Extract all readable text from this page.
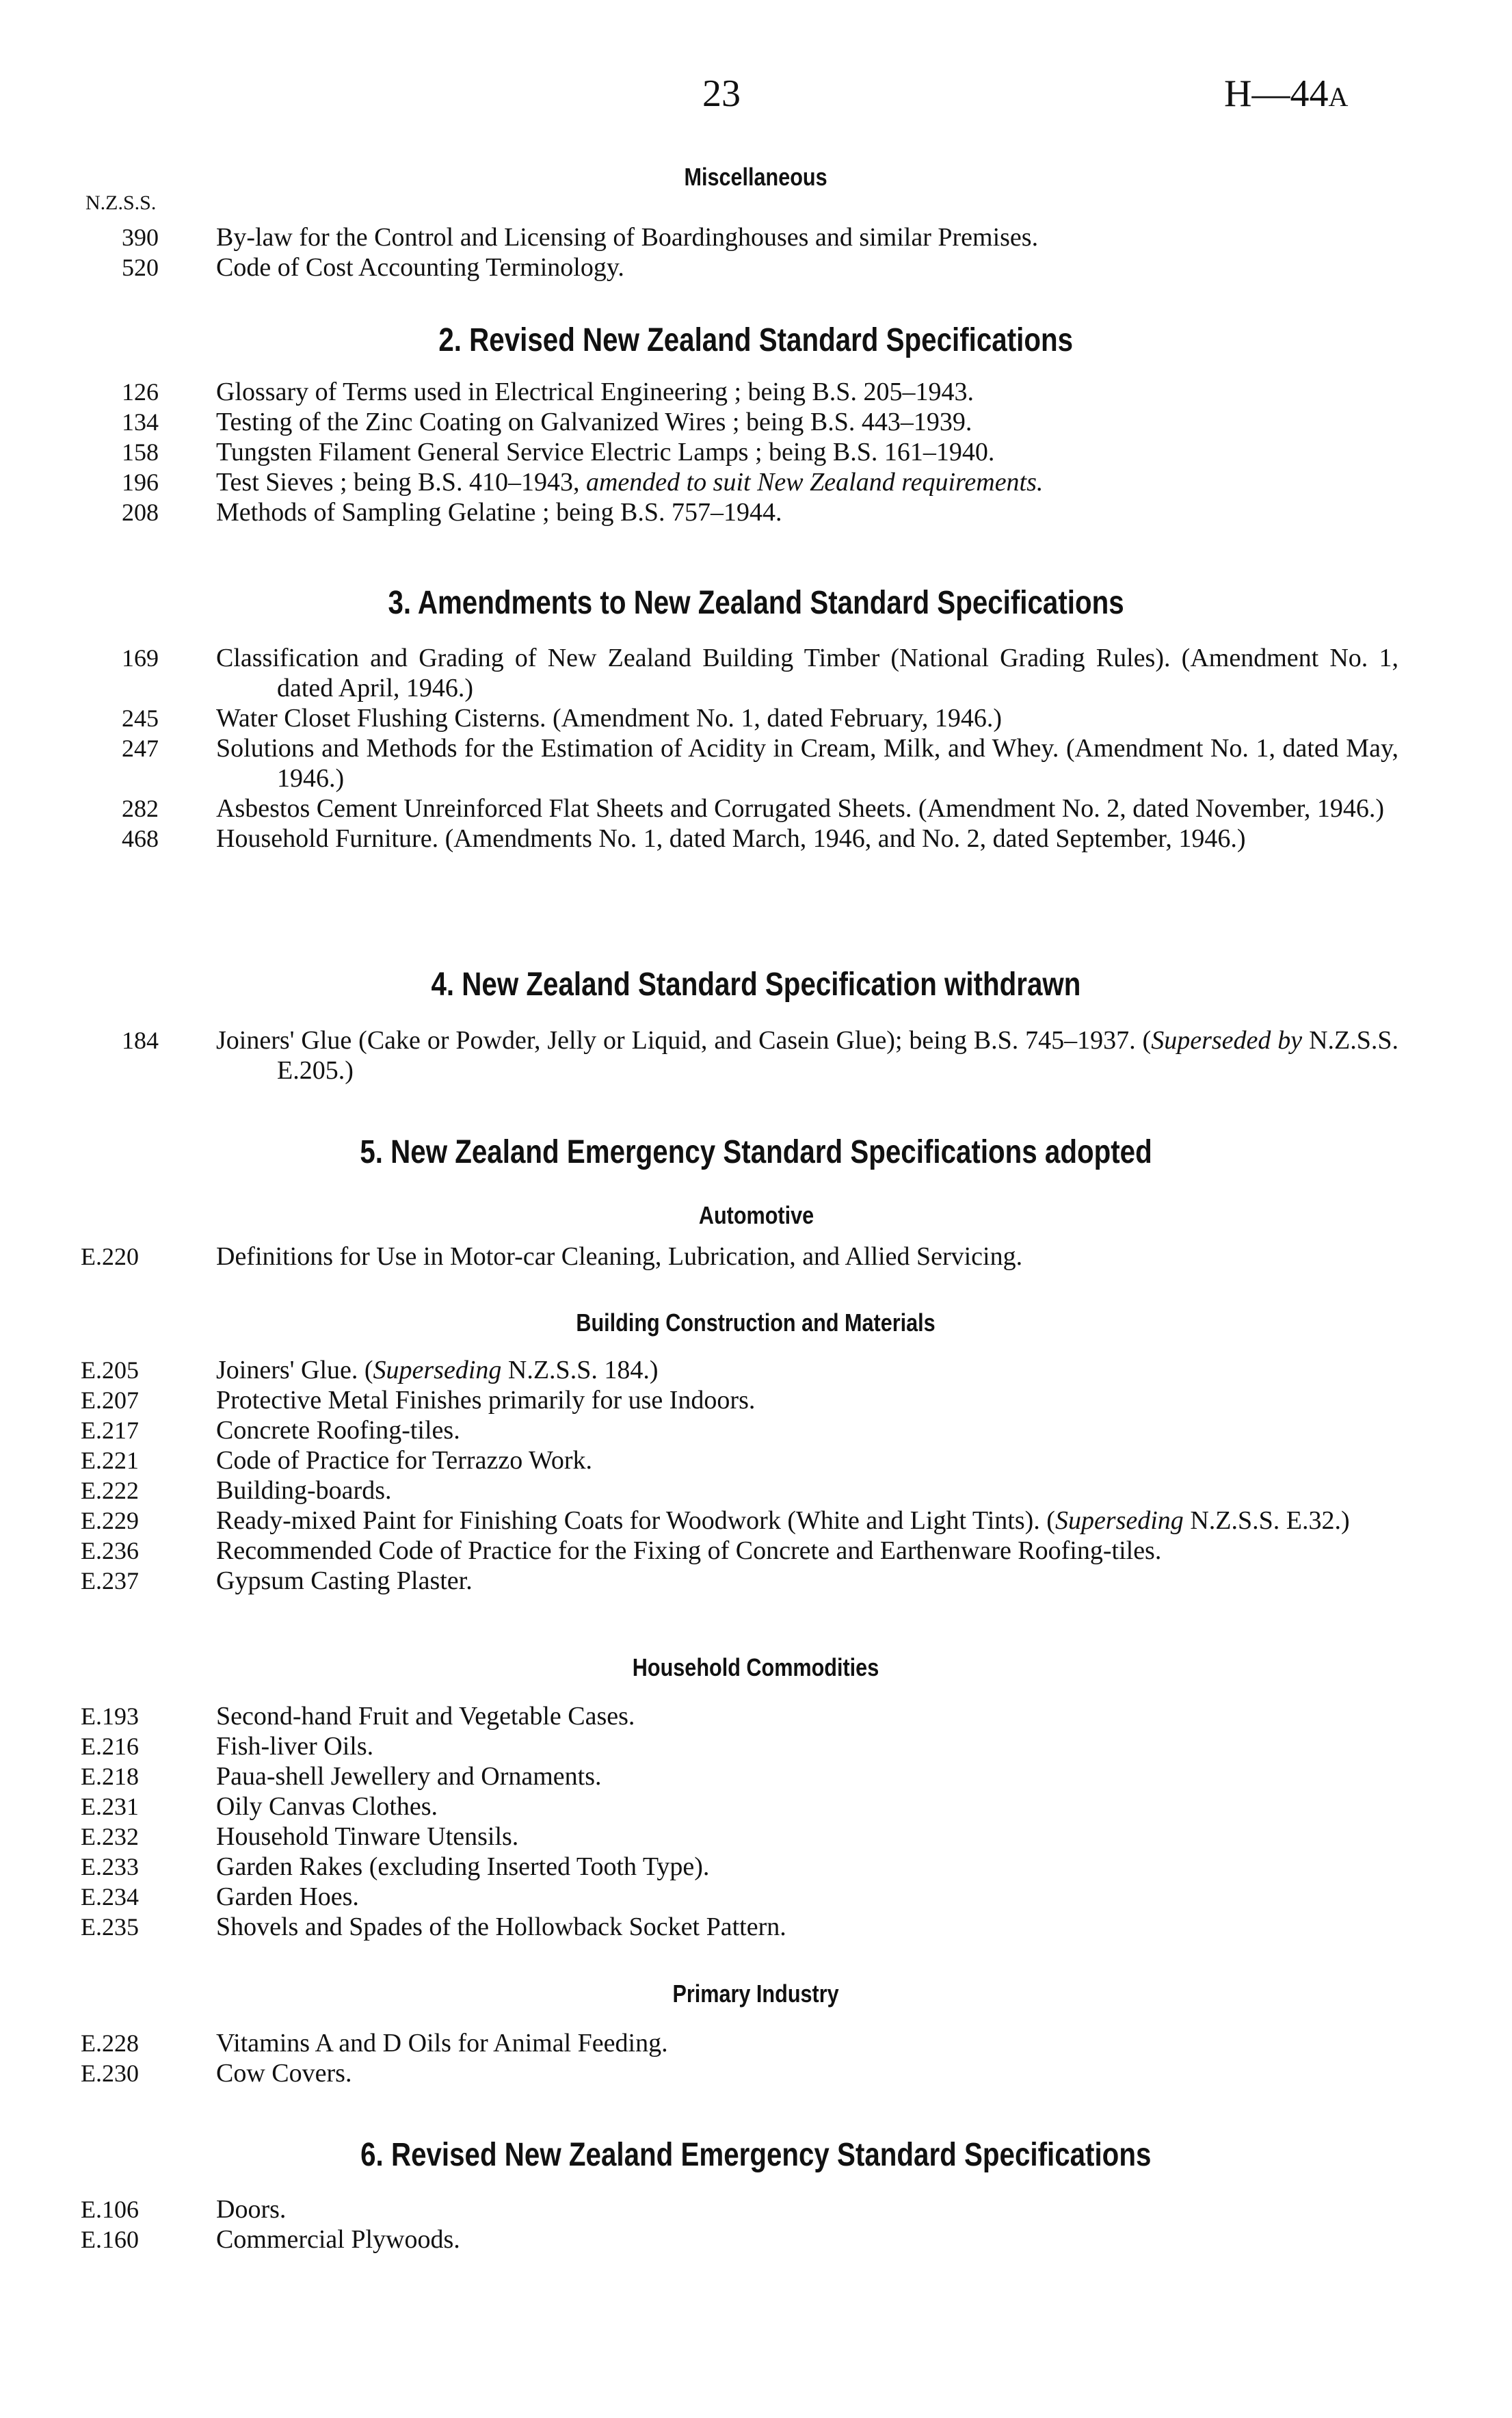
23	H—44A
Miscellaneous
N.Z.S.S.
390 By-law for the Control and Licensing of Boardinghouses and similar Premises.
520 Code of Cost Accounting Terminology.
2. Revised New Zealand Standard Specifications
126 Glossary of Terms used in Electrical Engineering ; being B.S. 205–1943.
134 Testing of the Zinc Coating on Galvanized Wires ; being B.S. 443–1939.
158 Tungsten Filament General Service Electric Lamps ; being B.S. 161–1940.
196 Test Sieves ; being B.S. 410–1943, amended to suit New Zealand requirements.
208 Methods of Sampling Gelatine ; being B.S. 757–1944.
3. Amendments to New Zealand Standard Specifications
169 Classification and Grading of New Zealand Building Timber (National Grading Rules). (Amendment No. 1, dated April, 1946.)
245 Water Closet Flushing Cisterns. (Amendment No. 1, dated February, 1946.)
247 Solutions and Methods for the Estimation of Acidity in Cream, Milk, and Whey. (Amendment No. 1, dated May, 1946.)
282 Asbestos Cement Unreinforced Flat Sheets and Corrugated Sheets. (Amendment No. 2, dated November, 1946.)
468 Household Furniture. (Amendments No. 1, dated March, 1946, and No. 2, dated September, 1946.)
4. New Zealand Standard Specification withdrawn
184 Joiners' Glue (Cake or Powder, Jelly or Liquid, and Casein Glue); being B.S. 745–1937. (Superseded by N.Z.S.S. E.205.)
5. New Zealand Emergency Standard Specifications adopted
Automotive
E.220	Definitions for Use in Motor-car Cleaning, Lubrication, and Allied Servicing.
Building Construction and Materials
E.205	Joiners' Glue. (Superseding N.Z.S.S. 184.)
E.207	Protective Metal Finishes primarily for use Indoors.
E.217	Concrete Roofing-tiles.
E.221	Code of Practice for Terrazzo Work.
E.222	Building-boards.
E.229	Ready-mixed Paint for Finishing Coats for Woodwork (White and Light Tints). (Superseding N.Z.S.S. E.32.)
E.236	Recommended Code of Practice for the Fixing of Concrete and Earthenware Roofing-tiles.
E.237	Gypsum Casting Plaster.
Household Commodities
E.193	Second-hand Fruit and Vegetable Cases.
E.216	Fish-liver Oils.
E.218	Paua-shell Jewellery and Ornaments.
E.231	Oily Canvas Clothes.
E.232	Household Tinware Utensils.
E.233	Garden Rakes (excluding Inserted Tooth Type).
E.234	Garden Hoes.
E.235	Shovels and Spades of the Hollowback Socket Pattern.
Primary Industry
E.228	Vitamins A and D Oils for Animal Feeding.
E.230	Cow Covers.
6. Revised New Zealand Emergency Standard Specifications
E.106	Doors.
E.160	Commercial Plywoods.
